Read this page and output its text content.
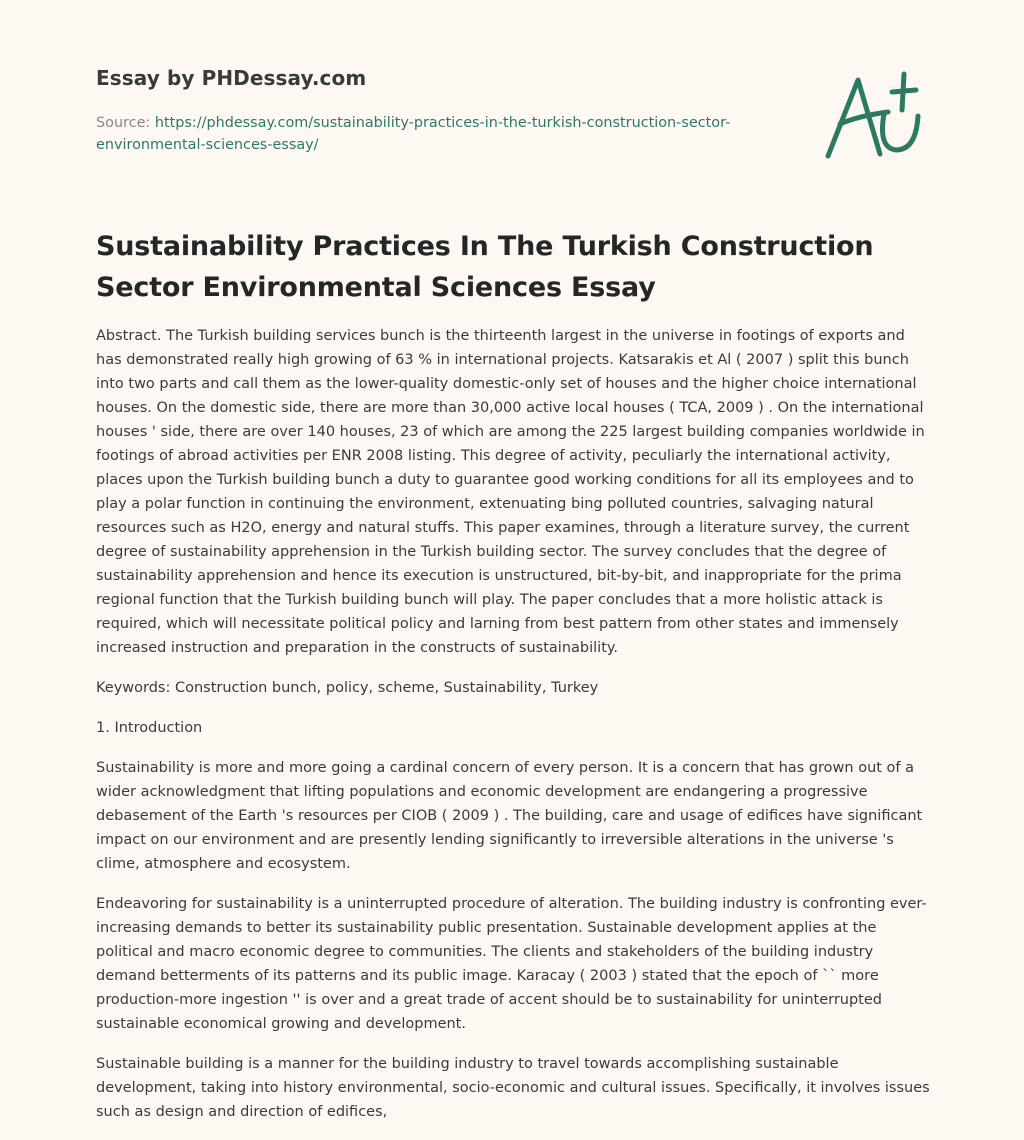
Essay by PHDessay.com
Source: https://phdessay.com/sustainability-practices-in-the-turkish-construction-sector-environmental-sciences-essay/
Sustainability Practices In The Turkish Construction Sector Environmental Sciences Essay

Abstract. The Turkish building services bunch is the thirteenth largest in the universe in footings of exports and has demonstrated really high growing of 63 % in international projects. Katsarakis et Al ( 2007 ) split this bunch into two parts and call them as the lower-quality domestic-only set of houses and the higher choice international houses. On the domestic side, there are more than 30,000 active local houses ( TCA, 2009 ) . On the international houses ' side, there are over 140 houses, 23 of which are among the 225 largest building companies worldwide in footings of abroad activities per ENR 2008 listing. This degree of activity, peculiarly the international activity, places upon the Turkish building bunch a duty to guarantee good working conditions for all its employees and to play a polar function in continuing the environment, extenuating bing polluted countries, salvaging natural resources such as H2O, energy and natural stuffs. This paper examines, through a literature survey, the current degree of sustainability apprehension in the Turkish building sector. The survey concludes that the degree of sustainability apprehension and hence its execution is unstructured, bit-by-bit, and inappropriate for the prima regional function that the Turkish building bunch will play. The paper concludes that a more holistic attack is required, which will necessitate political policy and larning from best pattern from other states and immensely increased instruction and preparation in the constructs of sustainability.

Keywords: Construction bunch, policy, scheme, Sustainability, Turkey

1. Introduction

Sustainability is more and more going a cardinal concern of every person. It is a concern that has grown out of a wider acknowledgment that lifting populations and economic development are endangering a progressive debasement of the Earth 's resources per CIOB ( 2009 ) . The building, care and usage of edifices have significant impact on our environment and are presently lending significantly to irreversible alterations in the universe 's clime, atmosphere and ecosystem.

Endeavoring for sustainability is a uninterrupted procedure of alteration. The building industry is confronting ever-increasing demands to better its sustainability public presentation. Sustainable development applies at the political and macro economic degree to communities. The clients and stakeholders of the building industry demand betterments of its patterns and its public image. Karacay ( 2003 ) stated that the epoch of `` more production-more ingestion '' is over and a great trade of accent should be to sustainability for uninterrupted sustainable economical growing and development.

Sustainable building is a manner for the building industry to travel towards accomplishing sustainable development, taking into history environmental, socio-economic and cultural issues. Specifically, it involves issues such as design and direction of edifices,
